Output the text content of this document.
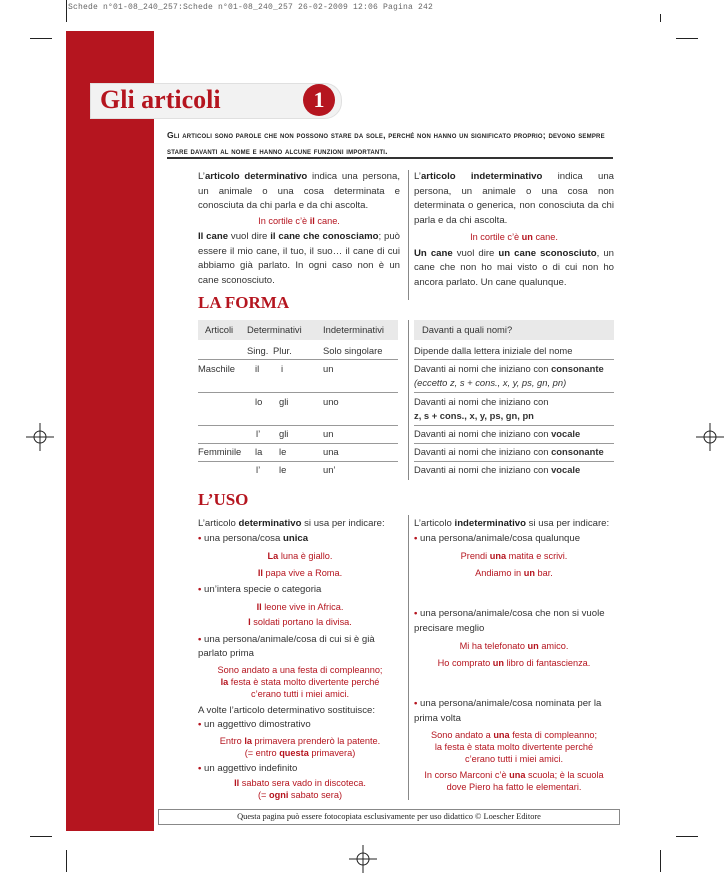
Schede n°01-08_240_257:Schede n°01-08_240_257 26-02-2009 12:06 Pagina 242
Gli articoli	1
Gli articoli sono parole che non possono stare da sole, perché non hanno un significato proprio; devono sempre stare davanti al nome e hanno alcune funzioni importanti.

L’articolo determinativo indica una persona, un animale o una cosa determinata e conosciuta da chi parla e da chi ascolta.

In cortile c’è il cane.

Il cane vuol dire il cane che conosciamo; può essere il mio cane, il tuo, il suo… il cane di cui abbiamo già parlato. In ogni caso non è un cane sconosciuto.

L’articolo indeterminativo indica una persona, un animale o una cosa non determinata o generica, non conosciuta da chi parla e da chi ascolta.

In cortile c’è un cane.

Un cane vuol dire un cane sconosciuto, un cane che non ho mai visto o di cui non ho ancora parlato. Un cane qualunque.

LA FORMA
Articoli Determinativi Indeterminativi	Davanti a quali nomi?
Sing. Plur.	Solo singolare	Dipende dalla lettera iniziale del nome
Maschile il i	un	Davanti ai nomi che iniziano con consonante
(eccetto z, s + cons., x, y, ps, gn, pn)
lo gli	uno	Davanti ai nomi che iniziano con
z, s + cons., x, y, ps, gn, pn
l’ gli	un	Davanti ai nomi che iniziano con vocale
Femminile la le	una	Davanti ai nomi che iniziano con consonante
l’ le	un’	Davanti ai nomi che iniziano con vocale
L’USO

L’articolo determinativo si usa per indicare:

• una persona/cosa unica

La luna è giallo.

Il papa vive a Roma.

• un’intera specie o categoria

Il leone vive in Africa.

I soldati portano la divisa.

• una persona/animale/cosa di cui si è già parlato prima

Sono andato a una festa di compleanno;

la festa è stata molto divertente perché

c’erano tutti i miei amici.

A volte l’articolo determinativo sostituisce:

• un aggettivo dimostrativo

Entro la primavera prenderò la patente.

(= entro questa primavera)

• un aggettivo indefinito

Il sabato sera vado in discoteca.

(= ogni sabato sera)

L’articolo indeterminativo si usa per indicare:

• una persona/animale/cosa qualunque

Prendi una matita e scrivi.

Andiamo in un bar.

• una persona/animale/cosa che non si vuole precisare meglio

Mi ha telefonato un amico.

Ho comprato un libro di fantascienza.

• una persona/animale/cosa nominata per la prima volta

Sono andato a una festa di compleanno;

la festa è stata molto divertente perché

c’erano tutti i miei amici.

In corso Marconi c’è una scuola; è la scuola

dove Piero ha fatto le elementari.

Questa pagina può essere fotocopiata esclusivamente per uso didattico © Loescher Editore
